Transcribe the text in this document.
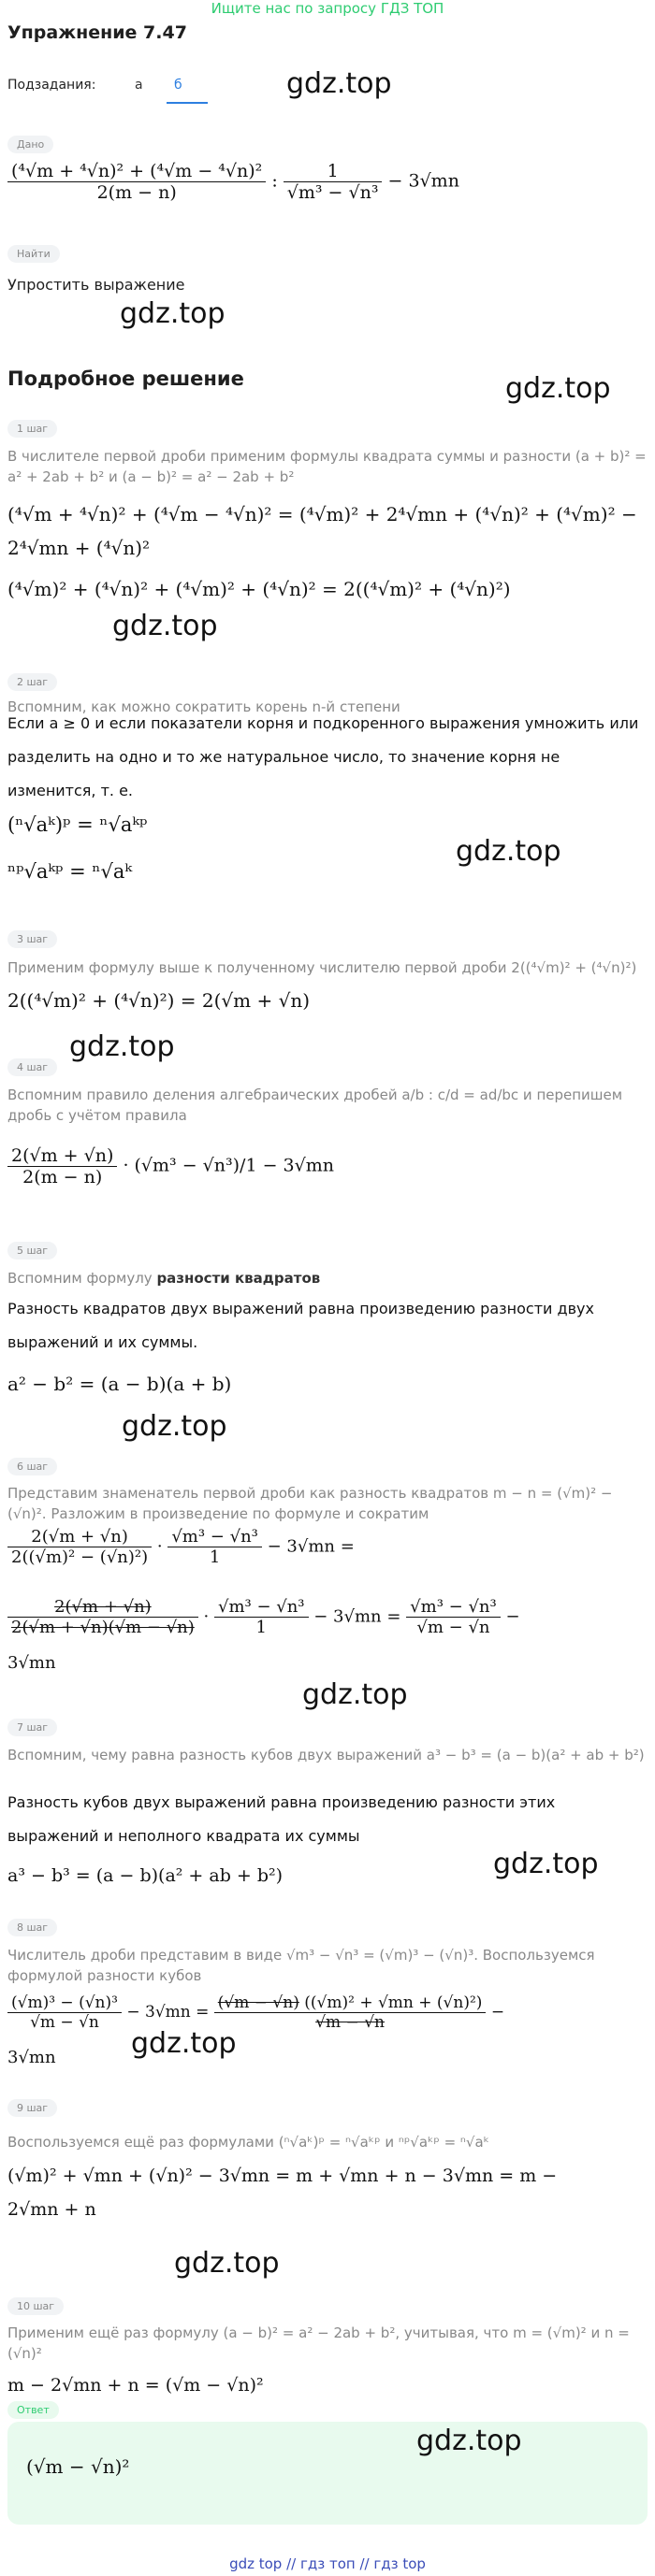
Ищите нас по запросу ГДЗ ТОП
Упражнение 7.47
Подзадания:	а б	gdz.top
Дано
$\frac{\text{(⁴√m + ⁴√n)² + (⁴√m − ⁴√n)²}}{2(m - n)}$ : $\frac{1}{\text{√m³ − √n³}} - 3√mn$
Найти
Упростить выражение
gdz.top
Подробное решение	gdz.top
1 шаг
В числителе первой дроби применим формулы квадрата суммы и разности (a + b)² = a² + 2ab + b² и (a − b)² = a² − 2ab + b²
(⁴√m + ⁴√n)² + (⁴√m − ⁴√n)² = (⁴√m)² + 2⁴√mn + (⁴√n)² + (⁴√m)² −
2⁴√mn + (⁴√n)²
(⁴√m)² + (⁴√n)² + (⁴√m)² + (⁴√n)² = 2((⁴√m)² + (⁴√n)²)
gdz.top
2 шаг
Вспомним, как можно сократить корень n-й степени
Если a ≥ 0 и если показатели корня и подкоренного выражения умножить или разделить на одно и то же натуральное число, то значение корня не изменится, т. е.
(ⁿ√aᵏ)ᵖ = ⁿ√aᵏᵖ
ⁿᵖ√aᵏᵖ = ⁿ√aᵏ
gdz.top
3 шаг
Применим формулу выше к полученному числителю первой дроби 2((⁴√m)² + (⁴√n)²)
2((⁴√m)² + (⁴√n)²) = 2(√m + √n)
gdz.top
4 шаг
Вспомним правило деления алгебраических дробей a/b : c/d = ad/bc и перепишем дробь с учётом правила
$\frac{2(√m + √n)}{2(m - n)} \cdot (√m^3 - √n^3)/1 - 3√mn$
5 шаг
Вспомним формулу разности квадратов
Разность квадратов двух выражений равна произведению разности двух выражений и их суммы.
a² − b² = (a − b)(a + b)
gdz.top
6 шаг
Представим знаменатель первой дроби как разность квадратов m − n = (√m)² − (√n)². Разложим в произведение по формуле и сократим
$\frac{2(√m + √n)}{\text{2((√m)² − (√n)²)}} \cdot \frac{\text{√m³ − √n³}}{1} - 3√mn$ =
$\frac{2(√m + √n)}{2(√m + √n)(√m - √n)} \cdot \frac{\text{√m³ − √n³}}{1} - 3√mn = \frac{\text{√m³ − √n³}}{√m - √n}$ −
3√mn
gdz.top
7 шаг
Вспомним, чему равна разность кубов двух выражений a³ − b³ = (a − b)(a² + ab + b²)
Разность кубов двух выражений равна произведению разности этих выражений и неполного квадрата их суммы
a³ − b³ = (a − b)(a² + ab + b²)	gdz.top
8 шаг
Числитель дроби представим в виде √m³ − √n³ = (√m)³ − (√n)³. Воспользуемся формулой разности кубов
$\frac{\text{(√m)³ − (√n)³}}{√m - √n} - 3√mn = \frac{\text{(√m − √n) ((√m)² + √mn + (√n)²)}}{√m - √n}$ −
3√mn	gdz.top
9 шаг
Воспользуемся ещё раз формулами (ⁿ√aᵏ)ᵖ = ⁿ√aᵏᵖ и ⁿᵖ√aᵏᵖ = ⁿ√aᵏ
(√m)² + √mn + (√n)² − 3√mn = m + √mn + n − 3√mn = m −
2√mn + n
gdz.top
10 шаг
Применим ещё раз формулу (a − b)² = a² − 2ab + b², учитывая, что m = (√m)² и n = (√n)²
m − 2√mn + n = (√m − √n)²
Ответ
(√m − √n)²
gdz.top
gdz top // гдз топ // гдз top
